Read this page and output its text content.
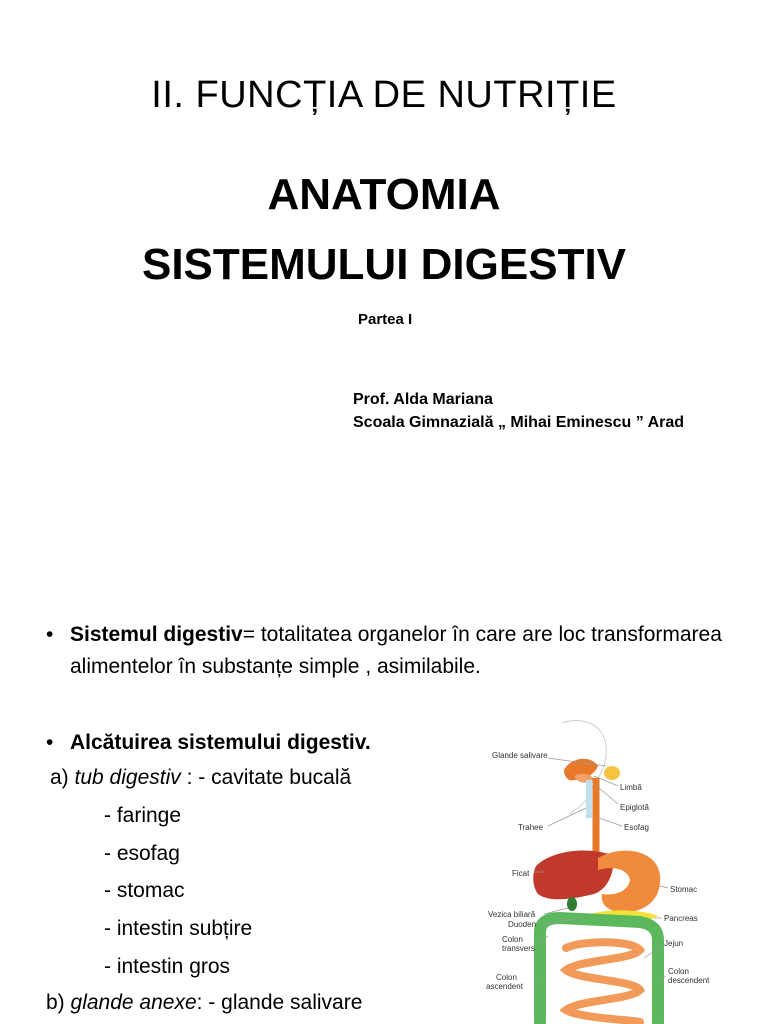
II. FUNCȚIA DE NUTRIȚIE
ANATOMIA
SISTEMULUI DIGESTIV
Partea I
Prof. Alda Mariana
Scoala Gimnazială „ Mihai Eminescu ” Arad
• Sistemul digestiv= totalitatea organelor în care are loc transformarea alimentelor în substanțe simple , asimilabile.
• Alcătuirea sistemului digestiv.
a) tub digestiv : - cavitate bucală
- faringe
- esofag
- stomac
- intestin subțire
- intestin gros
b) glande anexe: - glande salivare
Glande salivare
Limbă
Epiglotă
Trahee	Esofag
Ficat
Stomac
Vezica biliară
Duoden
Pancreas
Colon
transvers
Jejun
Colon
ascendent
Colon
descendent
